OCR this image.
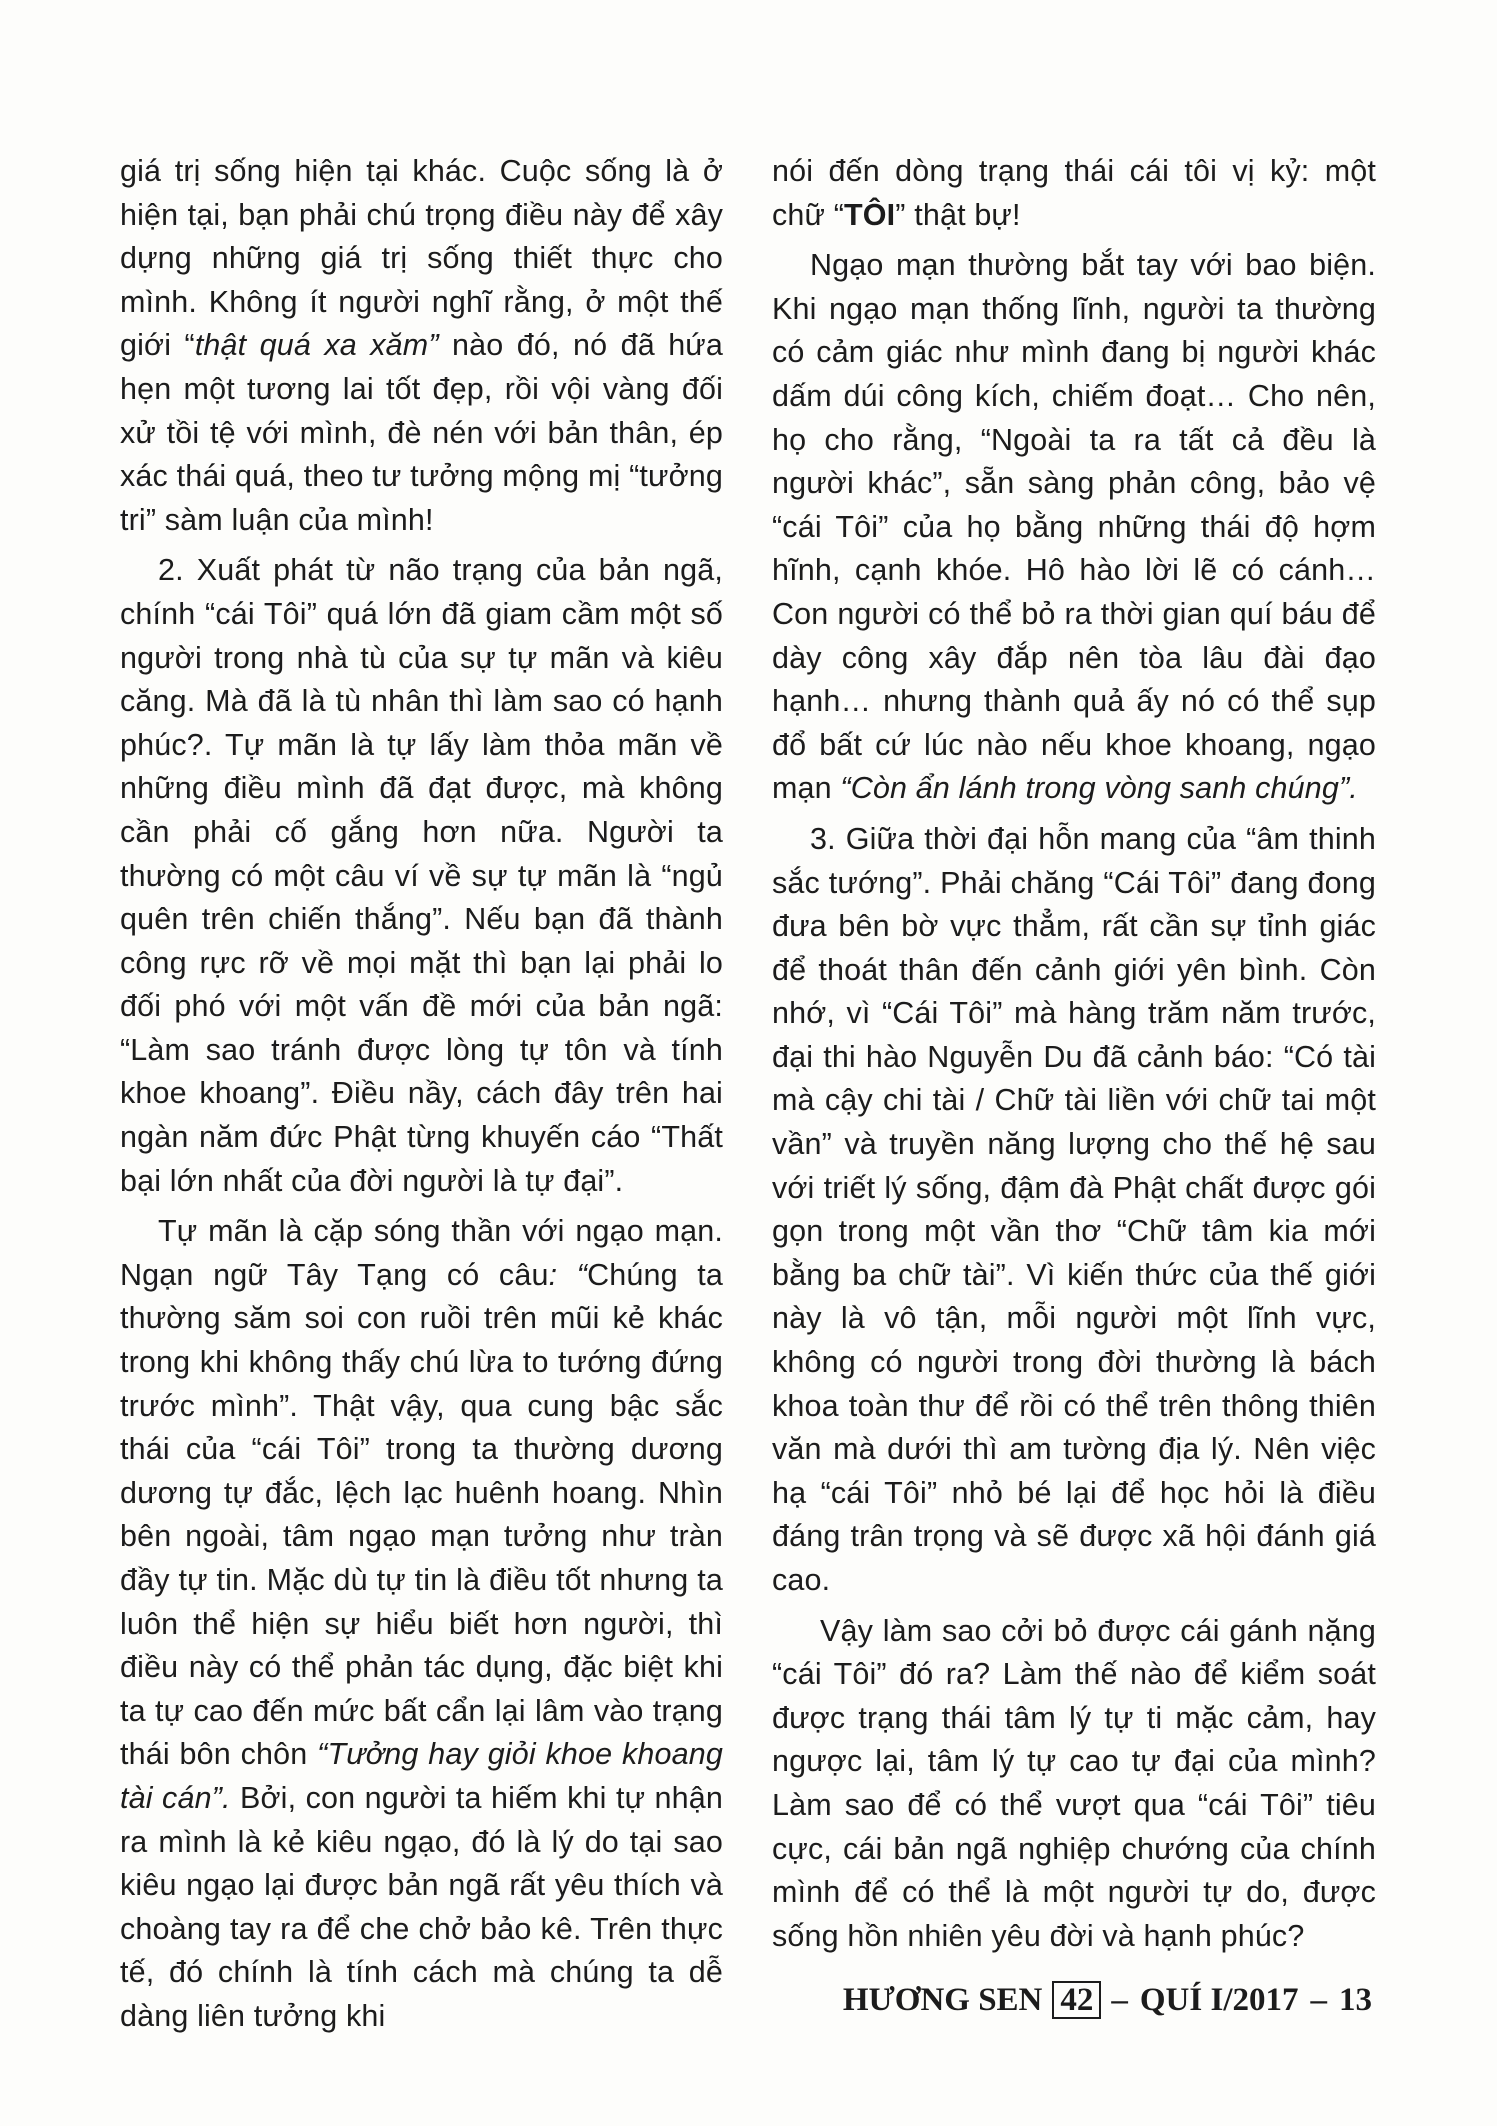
giá trị sống hiện tại khác. Cuộc sống là ở hiện tại, bạn phải chú trọng điều này để xây dựng những giá trị sống thiết thực cho mình. Không ít người nghĩ rằng, ở một thế giới “thật quá xa xăm” nào đó, nó đã hứa hẹn một tương lai tốt đẹp, rồi vội vàng đối xử tồi tệ với mình, đè nén với bản thân, ép xác thái quá, theo tư tưởng mộng mị “tưởng tri” sàm luận của mình!

2. Xuất phát từ não trạng của bản ngã, chính “cái Tôi” quá lớn đã giam cầm một số người trong nhà tù của sự tự mãn và kiêu căng. Mà đã là tù nhân thì làm sao có hạnh phúc?. Tự mãn là tự lấy làm thỏa mãn về những điều mình đã đạt được, mà không cần phải cố gắng hơn nữa. Người ta thường có một câu ví về sự tự mãn là “ngủ quên trên chiến thắng”. Nếu bạn đã thành công rực rỡ về mọi mặt thì bạn lại phải lo đối phó với một vấn đề mới của bản ngã: “Làm sao tránh được lòng tự tôn và tính khoe khoang”. Điều nầy, cách đây trên hai ngàn năm đức Phật từng khuyến cáo “Thất bại lớn nhất của đời người là tự đại”.

Tự mãn là cặp sóng thần với ngạo mạn. Ngạn ngữ Tây Tạng có câu: “Chúng ta thường săm soi con ruồi trên mũi kẻ khác trong khi không thấy chú lừa to tướng đứng trước mình”. Thật vậy, qua cung bậc sắc thái của “cái Tôi” trong ta thường dương dương tự đắc, lệch lạc huênh hoang. Nhìn bên ngoài, tâm ngạo mạn tưởng như tràn đầy tự tin. Mặc dù tự tin là điều tốt nhưng ta luôn thể hiện sự hiểu biết hơn người, thì điều này có thể phản tác dụng, đặc biệt khi ta tự cao đến mức bất cẩn lại lâm vào trạng thái bôn chôn “Tưởng hay giỏi khoe khoang tài cán”. Bởi, con người ta hiếm khi tự nhận ra mình là kẻ kiêu ngạo, đó là lý do tại sao kiêu ngạo lại được bản ngã rất yêu thích và choàng tay ra để che chở bảo kê. Trên thực tế, đó chính là tính cách mà chúng ta dễ dàng liên tưởng khi

nói đến dòng trạng thái cái tôi vị kỷ: một chữ “TÔI” thật bự!

Ngạo mạn thường bắt tay với bao biện. Khi ngạo mạn thống lĩnh, người ta thường có cảm giác như mình đang bị người khác dấm dúi công kích, chiếm đoạt… Cho nên, họ cho rằng, “Ngoài ta ra tất cả đều là người khác”, sẵn sàng phản công, bảo vệ “cái Tôi” của họ bằng những thái độ hợm hĩnh, cạnh khóe. Hô hào lời lẽ có cánh… Con người có thể bỏ ra thời gian quí báu để dày công xây đắp nên tòa lâu đài đạo hạnh… nhưng thành quả ấy nó có thể sụp đổ bất cứ lúc nào nếu khoe khoang, ngạo mạn “Còn ẩn lánh trong vòng sanh chúng”.

3. Giữa thời đại hỗn mang của “âm thinh sắc tướng”. Phải chăng “Cái Tôi” đang đong đưa bên bờ vực thẳm, rất cần sự tỉnh giác để thoát thân đến cảnh giới yên bình. Còn nhớ, vì “Cái Tôi” mà hàng trăm năm trước, đại thi hào Nguyễn Du đã cảnh báo: “Có tài mà cậy chi tài / Chữ tài liền với chữ tai một vần” và truyền năng lượng cho thế hệ sau với triết lý sống, đậm đà Phật chất được gói gọn trong một vần thơ “Chữ tâm kia mới bằng ba chữ tài”. Vì kiến thức của thế giới này là vô tận, mỗi người một lĩnh vực, không có người trong đời thường là bách khoa toàn thư để rồi có thể trên thông thiên văn mà dưới thì am tường địa lý. Nên việc hạ “cái Tôi” nhỏ bé lại để học hỏi là điều đáng trân trọng và sẽ được xã hội đánh giá cao.

Vậy làm sao cởi bỏ được cái gánh nặng “cái Tôi” đó ra? Làm thế nào để kiểm soát được trạng thái tâm lý tự ti mặc cảm, hay ngược lại, tâm lý tự cao tự đại của mình? Làm sao để có thể vượt qua “cái Tôi” tiêu cực, cái bản ngã nghiệp chướng của chính mình để có thể là một người tự do, được sống hồn nhiên yêu đời và hạnh phúc?

HƯƠNG SEN 42 – QUÍ I/2017 – 13
